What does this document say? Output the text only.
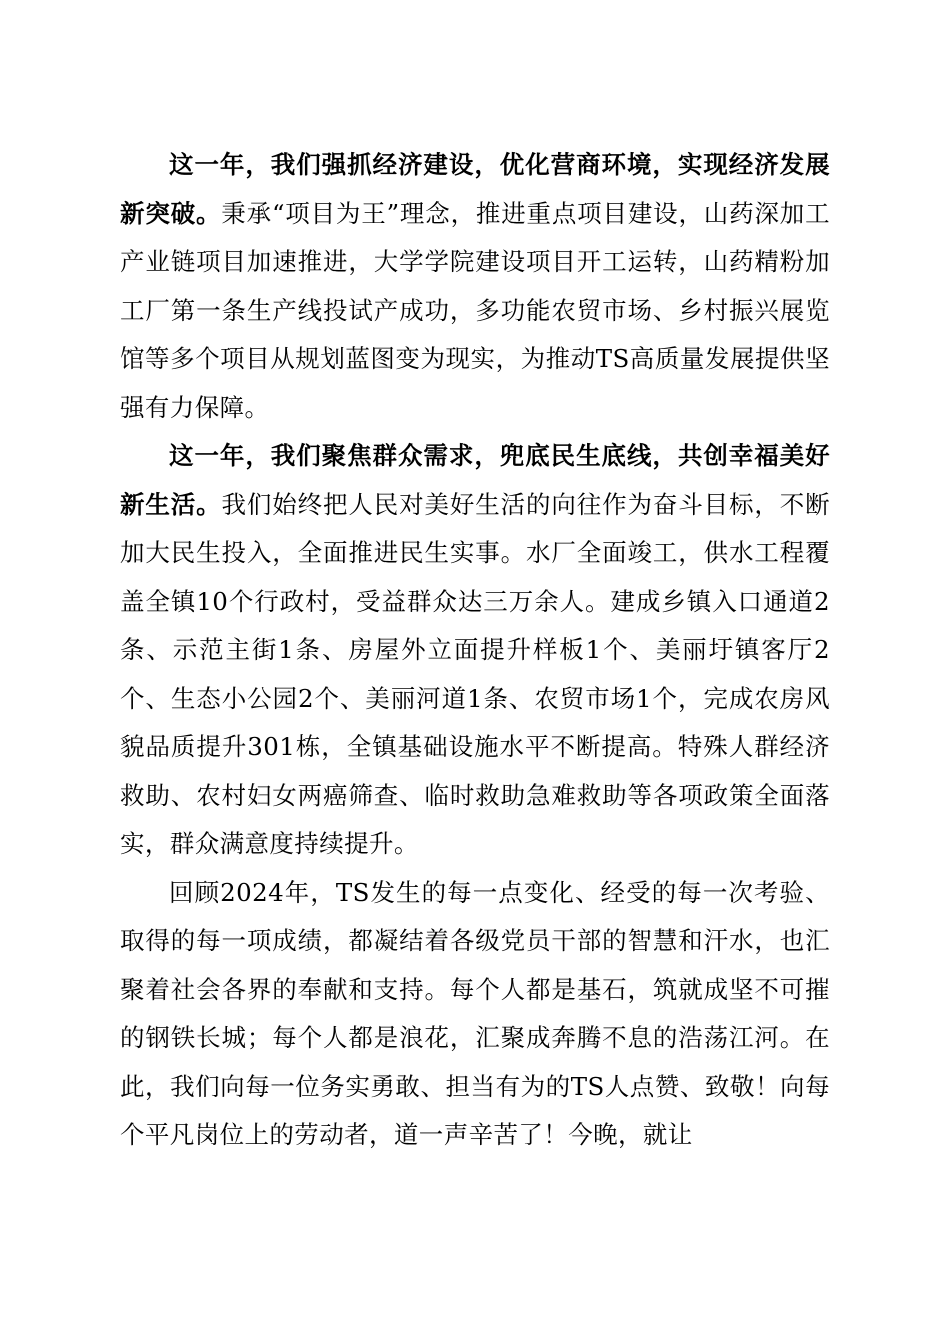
这一年，我们强抓经济建设，优化营商环境，实现经济发展新突破。秉承“项目为王”理念，推进重点项目建设，山药深加工产业链项目加速推进，大学学院建设项目开工运转，山药精粉加工厂第一条生产线投试产成功，多功能农贸市场、乡村振兴展览馆等多个项目从规划蓝图变为现实，为推动TS高质量发展提供坚强有力保障。

这一年，我们聚焦群众需求，兜底民生底线，共创幸福美好新生活。我们始终把人民对美好生活的向往作为奋斗目标，不断加大民生投入，全面推进民生实事。水厂全面竣工，供水工程覆盖全镇10个行政村，受益群众达三万余人。建成乡镇入口通道2条、示范主街1条、房屋外立面提升样板1个、美丽圩镇客厅2个、生态小公园2个、美丽河道1条、农贸市场1个，完成农房风貌品质提升301栋，全镇基础设施水平不断提高。特殊人群经济救助、农村妇女两癌筛查、临时救助急难救助等各项政策全面落实，群众满意度持续提升。

回顾2024年，TS发生的每一点变化、经受的每一次考验、取得的每一项成绩，都凝结着各级党员干部的智慧和汗水，也汇聚着社会各界的奉献和支持。每个人都是基石，筑就成坚不可摧的钢铁长城；每个人都是浪花，汇聚成奔腾不息的浩荡江河。在此，我们向每一位务实勇敢、担当有为的TS人点赞、致敬！向每个平凡岗位上的劳动者，道一声辛苦了！今晚，就让
